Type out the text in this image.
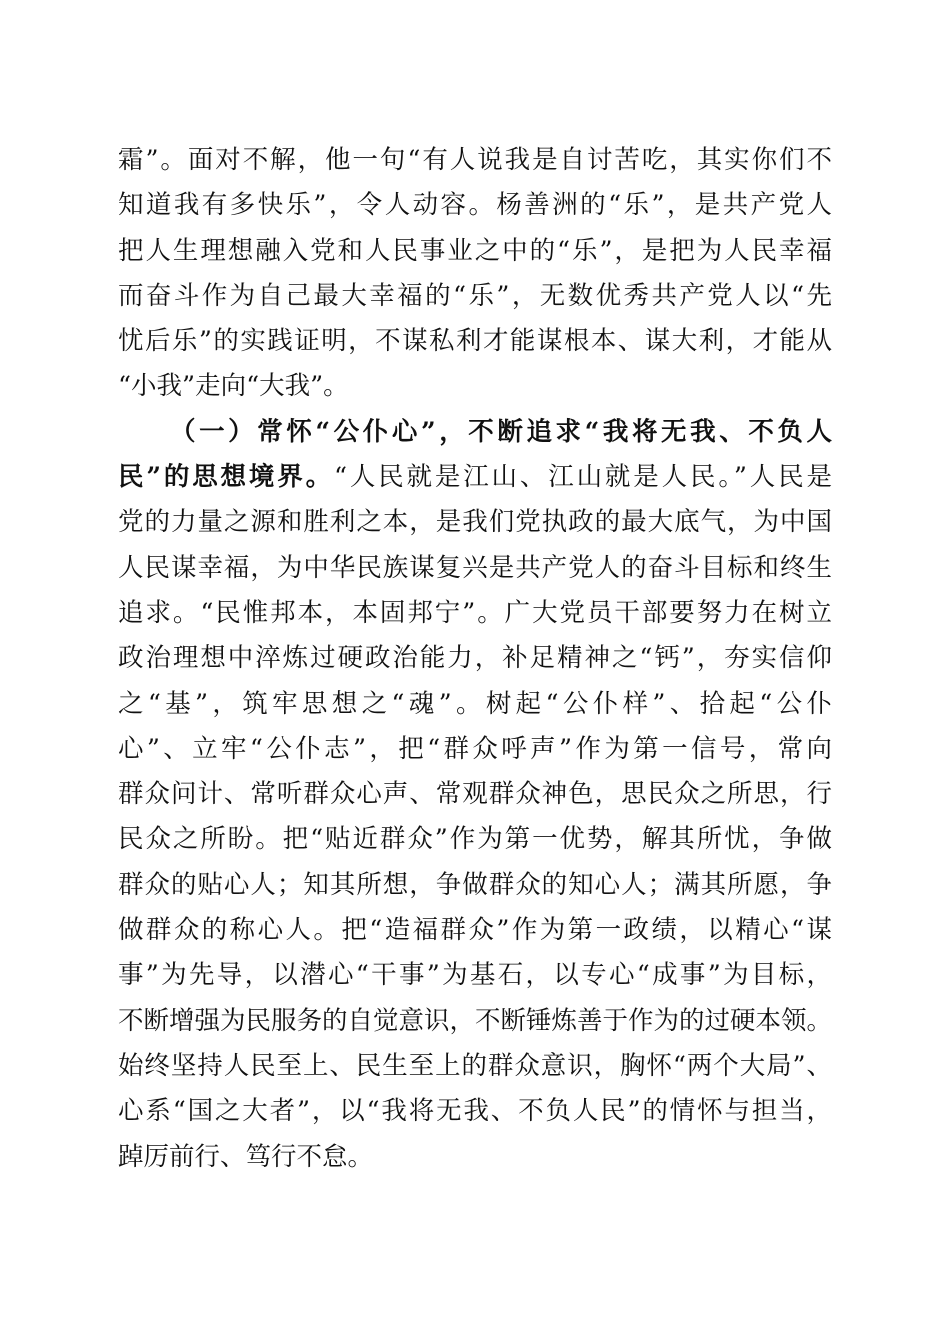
霜”。面对不解，他一句“有人说我是自讨苦吃，其实你们不
知道我有多快乐”，令人动容。杨善洲的“乐”，是共产党人
把人生理想融入党和人民事业之中的“乐”，是把为人民幸福
而奋斗作为自己最大幸福的“乐”，无数优秀共产党人以“先
忧后乐”的实践证明，不谋私利才能谋根本、谋大利，才能从
“小我”走向“大我”。
（一）常怀“公仆心”，不断追求“我将无我、不负人
民”的思想境界。“人民就是江山、江山就是人民。”人民是
党的力量之源和胜利之本，是我们党执政的最大底气，为中国
人民谋幸福，为中华民族谋复兴是共产党人的奋斗目标和终生
追求。“民惟邦本，本固邦宁”。广大党员干部要努力在树立
政治理想中淬炼过硬政治能力，补足精神之“钙”，夯实信仰
之“基”，筑牢思想之“魂”。树起“公仆样”、拾起“公仆
心”、立牢“公仆志”，把“群众呼声”作为第一信号，常向
群众问计、常听群众心声、常观群众神色，思民众之所思，行
民众之所盼。把“贴近群众”作为第一优势，解其所忧，争做
群众的贴心人；知其所想，争做群众的知心人；满其所愿，争
做群众的称心人。把“造福群众”作为第一政绩，以精心“谋
事”为先导，以潜心“干事”为基石，以专心“成事”为目标，
不断增强为民服务的自觉意识，不断锤炼善于作为的过硬本领。
始终坚持人民至上、民生至上的群众意识，胸怀“两个大局”、
心系“国之大者”，以“我将无我、不负人民”的情怀与担当，
踔厉前行、笃行不怠。
